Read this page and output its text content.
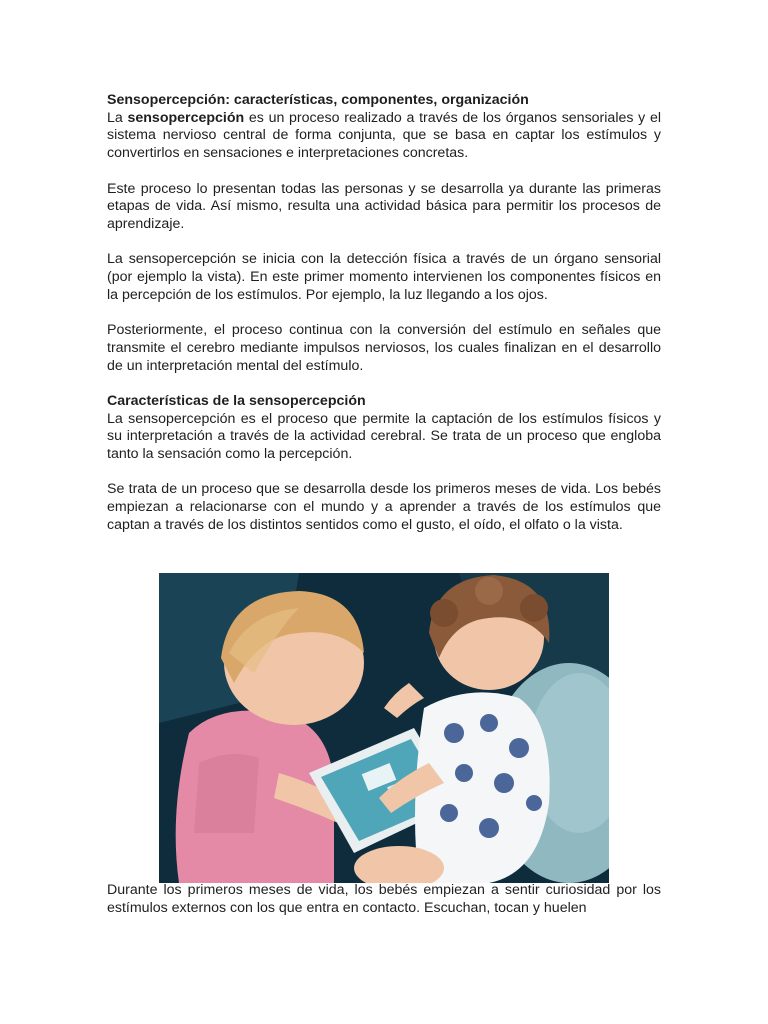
Sensopercepción: características, componentes, organización

La sensopercepción es un proceso realizado a través de los órganos sensoriales y el sistema nervioso central de forma conjunta, que se basa en captar los estímulos y convertirlos en sensaciones e interpretaciones concretas.

Este proceso lo presentan todas las personas y se desarrolla ya durante las primeras etapas de vida. Así mismo, resulta una actividad básica para permitir los procesos de aprendizaje.

La sensopercepción se inicia con la detección física a través de un órgano sensorial (por ejemplo la vista). En este primer momento intervienen los componentes físicos en la percepción de los estímulos. Por ejemplo, la luz llegando a los ojos.

Posteriormente, el proceso continua con la conversión del estímulo en señales que transmite el cerebro mediante impulsos nerviosos, los cuales finalizan en el desarrollo de un interpretación mental del estímulo.

Características de la sensopercepción

La sensopercepción es el proceso que permite la captación de los estímulos físicos y su interpretación a través de la actividad cerebral. Se trata de un proceso que engloba tanto la sensación como la percepción.

Se trata de un proceso que se desarrolla desde los primeros meses de vida. Los bebés empiezan a relacionarse con el mundo y a aprender a través de los estímulos que captan a través de los distintos sentidos como el gusto, el oído, el olfato o la vista.

Durante los primeros meses de vida, los bebés empiezan a sentir curiosidad por los estímulos externos con los que entra en contacto. Escuchan, tocan y huelen
